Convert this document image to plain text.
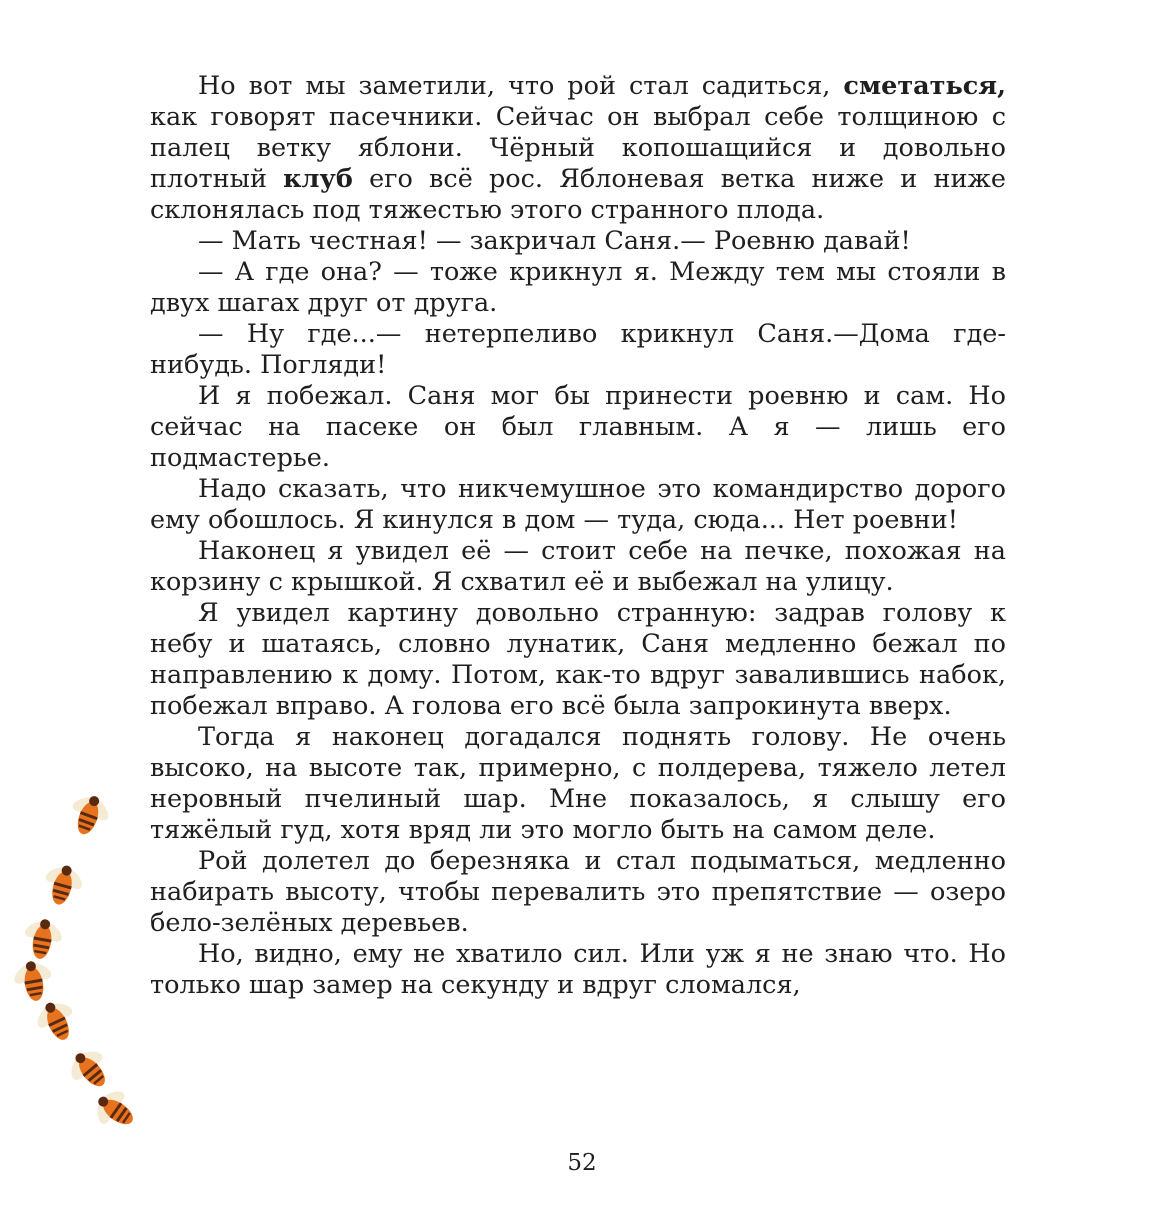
Но вот мы заметили, что рой стал садиться, сметаться, как говорят пасечники. Сейчас он выбрал себе толщиною с палец ветку яблони. Чёрный копошащийся и довольно плотный клуб его всё рос. Яблоневая ветка ниже и ниже склонялась под тяжестью этого странного плода.

— Мать честная! — закричал Саня.— Роевню давай!

— А где она? — тоже крикнул я. Между тем мы стояли в двух шагах друг от друга.

— Ну где...— нетерпеливо крикнул Саня.—Дома где-нибудь. Погляди!

И я побежал. Саня мог бы принести роевню и сам. Но сейчас на пасеке он был главным. А я — лишь его подмастерье.

Надо сказать, что никчемушное это командирство дорого ему обошлось. Я кинулся в дом — туда, сюда... Нет роевни!

Наконец я увидел её — стоит себе на печке, похожая на корзину с крышкой. Я схватил её и выбежал на улицу.

Я увидел картину довольно странную: задрав голову к небу и шатаясь, словно лунатик, Саня медленно бежал по направлению к дому. Потом, как-то вдруг завалившись набок, побежал вправо. А голова его всё была запрокинута вверх.

Тогда я наконец догадался поднять голову. Не очень высоко, на высоте так, примерно, с полдерева, тяжело летел неровный пчелиный шар. Мне показалось, я слышу его тяжёлый гуд, хотя вряд ли это могло быть на самом деле.

Рой долетел до березняка и стал подыматься, медленно набирать высоту, чтобы перевалить это препятствие — озеро бело-зелёных деревьев.

Но, видно, ему не хватило сил. Или уж я не знаю что. Но только шар замер на секунду и вдруг сломался,

52
